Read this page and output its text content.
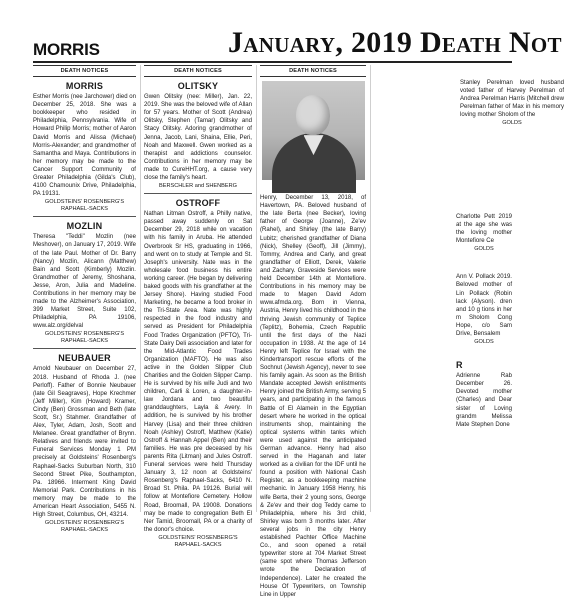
MORRIS	January, 2019 Death Not
DEATH NOTICES
MORRIS

Esther Morris (nee Jarchower) died on December 25, 2018. She was a bookkeeper who resided in Philadelphia, Pennsylvania. Wife of Howard Philip Morris; mother of Aaron David Morris and Alissa (Michael) Morris-Alexander; and grandmother of Samantha and Maya. Contributions in her memory may be made to the Cancer Support Community of Greater Philadelphia (Gilda's Club), 4100 Chamounix Drive, Philadelphia, PA 19131.

GOLDSTEINS' ROSENBERG'S
RAPHAEL-SACKS
MOZLIN

Theresa "Teddi" Mozlin (nee Meshover), on January 17, 2019. Wife of the late Paul. Mother of Dr. Barry (Nancy) Mozlin, Alicann (Matthew) Bain and Scott (Kimberly) Mozlin. Grandmother of Jeremy, Shoshana, Jesse, Aron, Julia and Madeline. Contributions in her memory may be made to the Alzheimer's Association, 399 Market Street, Suite 102, Philadelphia, PA 19106, www.alz.org/delval

GOLDSTEINS' ROSENBERG'S
RAPHAEL-SACKS
NEUBAUER

Arnold Neubauer on December 27, 2018. Husband of Rhoda J. (nee Perloff). Father of Bonnie Neubauer (late Gil Seagraves), Hope Krechmer (Jeff Miller), Kim (Howard) Kramer, Cindy (Ben) Grossman and Beth (late Scott, Sr.) Stahmer. Grandfather of Alex, Tyler, Adam, Josh, Scott and Melanee. Great grandfather of Brynn. Relatives and friends were invited to Funeral Services Monday 1 PM precisely at Goldsteins' Rosenberg's Raphael-Sacks Suburban North, 310 Second Street Pike, Southampton, Pa. 18966. Interment King David Memorial Park. Contributions in his memory may be made to the American Heart Association, 5455 N. High Street, Columbus, OH, 43214.

GOLDSTEINS' ROSENBERG'S
RAPHAEL-SACKS
DEATH NOTICES
OLITSKY

Gwen Olitsky (nee: Miller), Jan. 22, 2019. She was the beloved wife of Allan for 57 years. Mother of Scott (Andrea) Olitsky, Stephen (Tamar) Olitsky and Stacy Olitsky. Adoring grandmother of Jenna, Jacob, Lani, Shaina, Ellie, Peri, Noah and Maxwell. Gwen worked as a therapist and addictions counselor. Contributions in her memory may be made to CureHHT.org, a cause very close the family's heart.

BERSCHLER and SHENBERG
OSTROFF

Nathan Litman Ostroff, a Philly native, passed away suddenly on Sat December 29, 2018 while on vacation with his family in Aruba. He attended Overbrook Sr HS, graduating in 1966, and went on to study at Temple and St. Joseph's university. Nate was in the wholesale food business his entire working career. (He began by delivering baked goods with his grandfather at the Jersey Shore). Having studied Food Marketing, he became a food broker in the Tri-State Area. Nate was highly respected in the food industry and served as President for Philadelphia Food Trades Organization (PFTO), Tri-State Dairy Deli association and later for the Mid-Atlantic Food Trades Organization (MAFTO). He was also active in the Golden Slipper Club Charities and the Golden Slipper Camp. He is survived by his wife Judi and two children, Carli & Loren, a daughter-in-law Jordana and two beautiful granddaughters, Layla & Avery. In addition, he is survived by his brother Harvey (Lisa) and their three children Noah (Ashley) Ostroff, Matthew (Katie) Ostroff & Hannah Appel (Ben) and their families. He was pre deceased by his parents Rita (Litman) and Jules Ostroff. Funeral services were held Thursday January 3, 12 noon at Goldsteins' Rosenberg's Raphael-Sacks, 6410 N. Broad St. Phila. PA 19126. Burial will follow at Montefiore Cemetery. Hollow Road, Broomall, PA 19008. Donations may be made to congregation Beth El Ner Tamid, Broomall, PA or a charity of the donor's choice.

GOLDSTEINS' ROSENBERG'S
RAPHAEL-SACKS
DEATH NOTICES

Henry, December 13, 2018, of Havertown, PA. Beloved husband of the late Berta (nee Becker), loving father of George (Joanne), Ze'ev (Rahel), and Shirley (the late Barry) Lubitz; cherished grandfather of Diana (Nick), Shelley (Geoff), Jill (Jimmy), Tommy, Andrea and Carly, and great grandfather of Elliott, Derek, Valerie and Zachary. Graveside Services were held December 14th at Montefiore. Contributions in his memory may be made to Magen David Adom www.afmda.org. Born in Vienna, Austria, Henry lived his childhood in the thriving Jewish community of Teplice (Teplitz), Bohemia, Czech Republic until the first days of the Nazi occupation in 1938. At the age of 14 Henry left Teplice for Israel with the Kindertransport rescue efforts of the Sochnut (Jewish Agency), never to see his family again. As soon as the British Mandate accepted Jewish enlistments Henry joined the British Army, serving 5 years, and participating in the famous Battle of El Alamein in the Egyptian desert where he worked in the optical instruments shop, maintaining the optical systems within tanks which were used against the anticipated German advance. Henry had also served in the Haganah and later worked as a civilian for the IDF until he found a position with National Cash Register, as a bookkeeping machine mechanic. In January 1958 Henry, his wife Berta, their 2 young sons, George & Ze'ev and their dog Teddy came to Philadelphia, where his 3rd child, Shirley was born 3 months later. After several jobs in the city Henry established Pachter Office Machine Co., and soon opened a retail typewriter store at 704 Market Street (same spot where Thomas Jefferson wrote the Declaration of Independence). Later he created the House Of Typewriters, on Township Line in Upper

Stanley Perelman loved husband voted father of Harvey Perelman of Andrea Perelman Harris (Mitchell drew Perelman father of Max in his memory loving mother Sholom of the

GOLDS

Charlotte Pett 2019 at the age she was the loving mother Montefiore Ce

GOLDS

Ann V. Pollack 2019. Beloved mother of Lin Pollack (Robin lack (Alyson). dren and 10 g tions in her m Sholom Cong Hope, c/o Sam Drive, Bensalem

GOLDS
R

Adrienne Rab December 26. Devoted mother (Charles) and Dear sister of Loving grandm Melissa Mate Stephen Done
